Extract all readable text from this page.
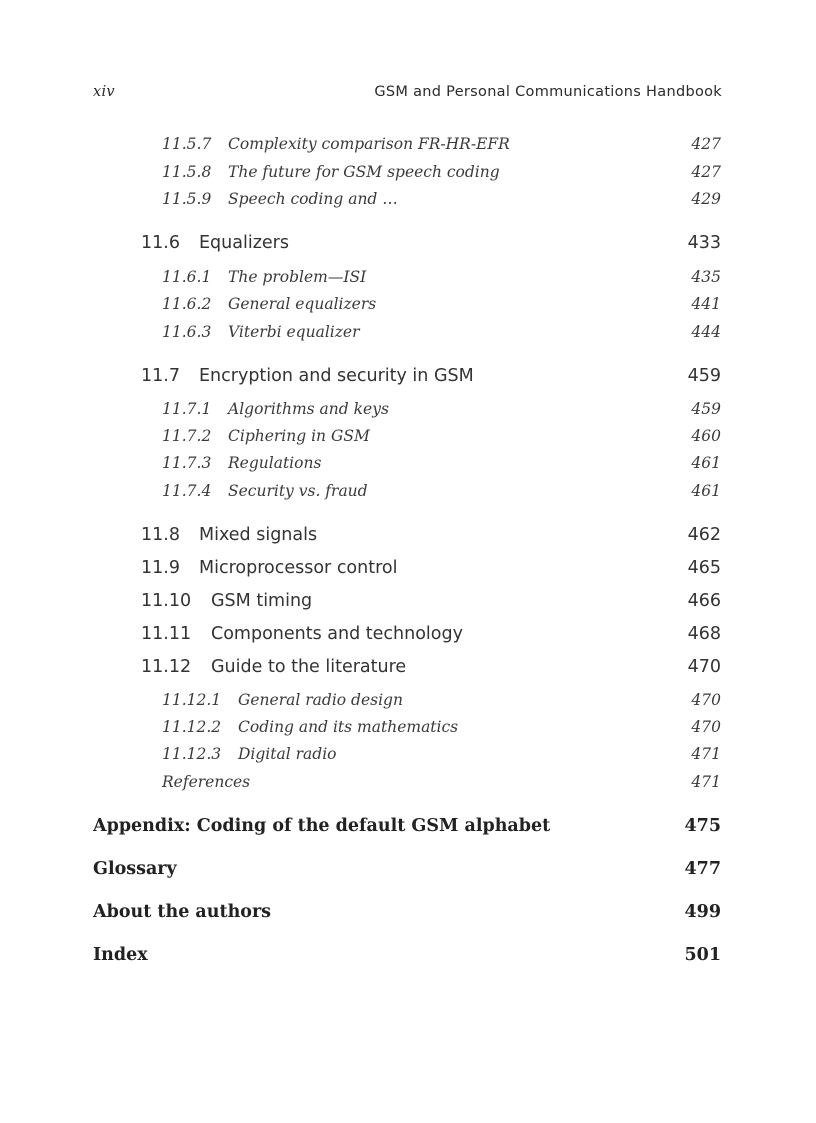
xiv	GSM and Personal Communications Handbook
11.5.7 Complexity comparison FR-HR-EFR	427
11.5.8 The future for GSM speech coding	427
11.5.9 Speech coding and …	429
11.6 Equalizers	433
11.6.1 The problem—ISI	435
11.6.2 General equalizers	441
11.6.3 Viterbi equalizer	444
11.7 Encryption and security in GSM	459
11.7.1 Algorithms and keys	459
11.7.2 Ciphering in GSM	460
11.7.3 Regulations	461
11.7.4 Security vs. fraud	461
11.8 Mixed signals	462
11.9 Microprocessor control	465
11.10 GSM timing	466
11.11 Components and technology	468
11.12 Guide to the literature	470
11.12.1 General radio design	470
11.12.2 Coding and its mathematics	470
11.12.3 Digital radio	471
References	471
Appendix: Coding of the default GSM alphabet	475
Glossary	477
About the authors	499
Index	501
